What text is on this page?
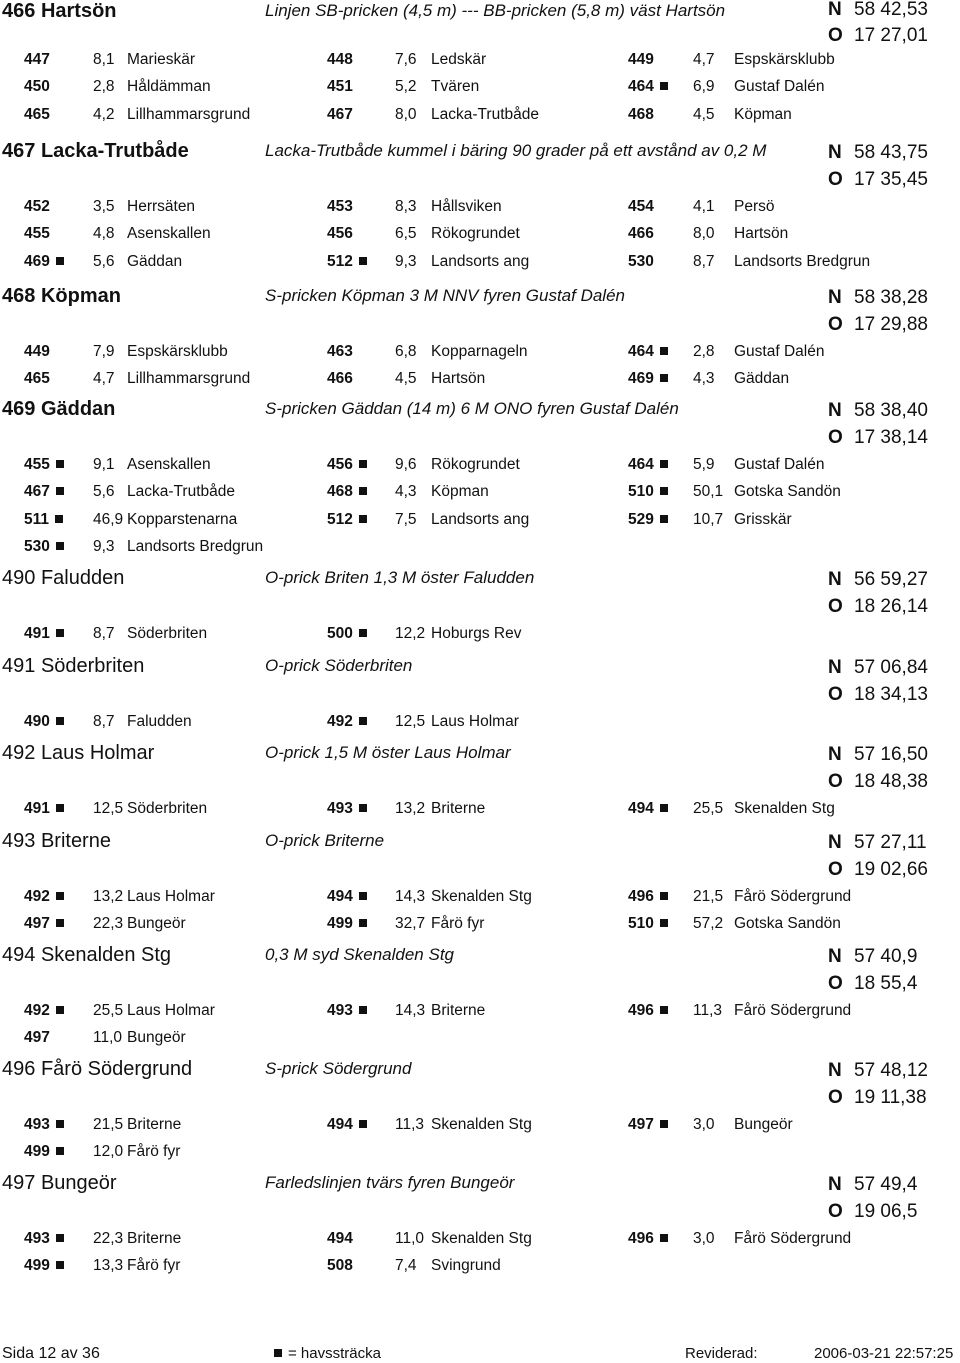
466 Hartsön	Linjen SB-pricken (4,5 m) --- BB-pricken (5,8 m) väst Hartsön	N 58 42,53
O 17 27,01
447	8,1 Marieskär	448	7,6 Ledskär	449	4,7 Espskärsklubb
450	2,8 Håldämman	451	5,2 Tvären	464	6,9 Gustaf Dalén
465	4,2 Lillhammarsgrund	467	8,0 Lacka-Trutbåde	468	4,5 Köpman
467 Lacka-Trutbåde	Lacka-Trutbåde kummel i bäring 90 grader på ett avstånd av 0,2 M	N 58 43,75
O 17 35,45
452	3,5 Herrsäten	453	8,3 Hållsviken	454	4,1 Persö
455	4,8 Asenskallen	456	6,5 Rökogrundet	466	8,0 Hartsön
469	5,6 Gäddan	512	9,3 Landsorts ang	530	8,7 Landsorts Bredgrun
468 Köpman	S-pricken Köpman 3 M NNV fyren Gustaf Dalén	N 58 38,28
O 17 29,88
449	7,9 Espskärsklubb	463	6,8 Kopparnageln	464	2,8 Gustaf Dalén
465	4,7 Lillhammarsgrund	466	4,5 Hartsön	469	4,3 Gäddan
469 Gäddan	S-pricken Gäddan (14 m) 6 M ONO fyren Gustaf Dalén	N 58 38,40
O 17 38,14
455	9,1 Asenskallen	456	9,6 Rökogrundet	464	5,9 Gustaf Dalén
467	5,6 Lacka-Trutbåde	468	4,3 Köpman	510	50,1 Gotska Sandön
511	46,9 Kopparstenarna	512	7,5 Landsorts ang	529	10,7 Grisskär
530	9,3 Landsorts Bredgrun
490 Faludden	O-prick Briten 1,3 M öster Faludden	N 56 59,27
O 18 26,14
491	8,7 Söderbriten	500	12,2 Hoburgs Rev
491 Söderbriten	O-prick Söderbriten	N 57 06,84
O 18 34,13
490	8,7 Faludden	492	12,5 Laus Holmar
492 Laus Holmar	O-prick 1,5 M öster Laus Holmar	N 57 16,50
O 18 48,38
491	12,5 Söderbriten	493	13,2 Briterne	494	25,5 Skenalden Stg
493 Briterne	O-prick Briterne	N 57 27,11
O 19 02,66
492	13,2 Laus Holmar	494	14,3 Skenalden Stg	496	21,5 Fårö Södergrund
497	22,3 Bungeör	499	32,7 Fårö fyr	510	57,2 Gotska Sandön
494 Skenalden Stg	0,3 M syd Skenalden Stg	N 57 40,9
O 18 55,4
492	25,5 Laus Holmar	493	14,3 Briterne	496	11,3 Fårö Södergrund
497	11,0 Bungeör
496 Fårö Södergrund	S-prick Södergrund	N 57 48,12
O 19 11,38
493	21,5 Briterne	494	11,3 Skenalden Stg	497	3,0 Bungeör
499	12,0 Fårö fyr
497 Bungeör	Farledslinjen tvärs fyren Bungeör	N 57 49,4
O 19 06,5
493	22,3 Briterne	494	11,0 Skenalden Stg	496	3,0 Fårö Södergrund
499	13,3 Fårö fyr	508	7,4 Svingrund
Sida 12 av 36	= havssträcka	Reviderad:	2006-03-21 22:57:25
